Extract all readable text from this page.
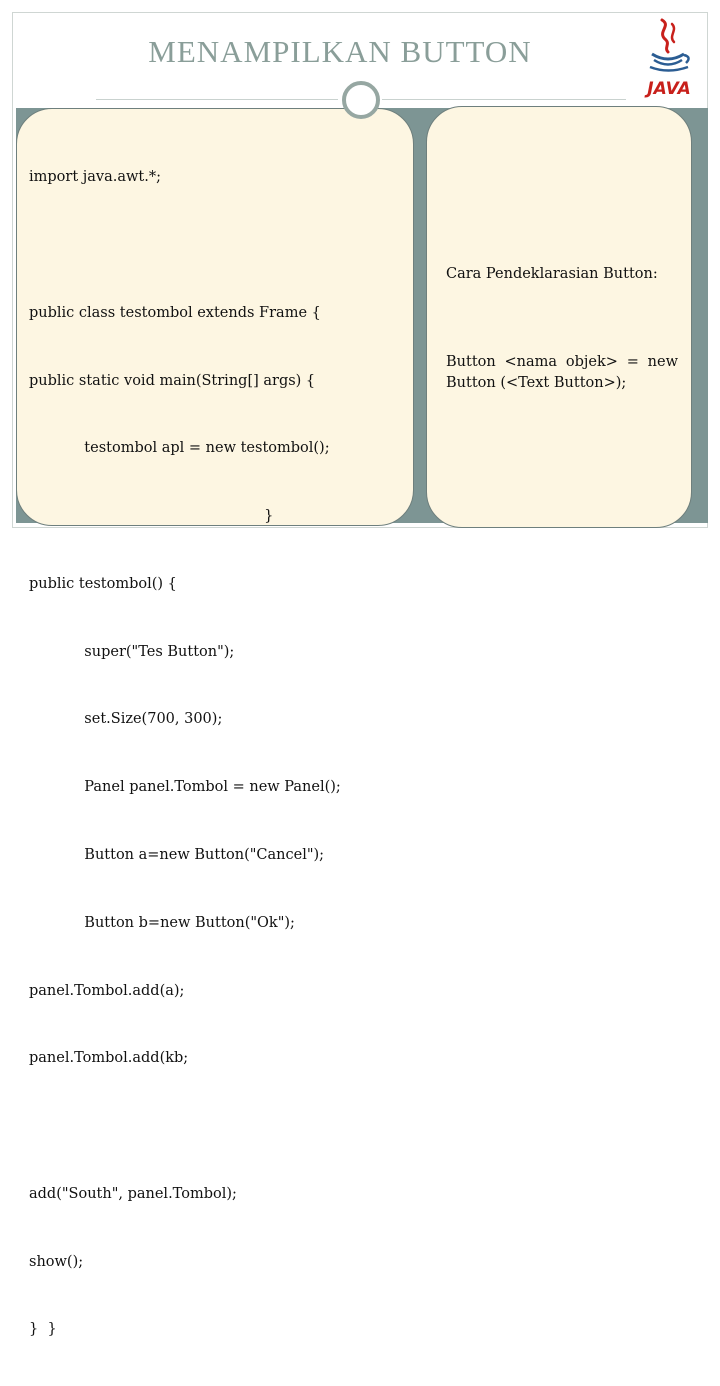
MENAMPILKAN BUTTON
JAVA

import java.awt.*;

public class testombol extends Frame {

public static void main(String[] args) {

testombol apl = new testombol();

}

public testombol() {

super("Tes Button");

set.Size(700, 300);

Panel panel.Tombol = new Panel();

Button a=new Button("Cancel");

Button b=new Button("Ok");

panel.Tombol.add(a);

panel.Tombol.add(kb;

add("South", panel.Tombol);

show();

}  }

Cara Pendeklarasian Button:
Button <nama objek> = new
Button (<Text Button>);
